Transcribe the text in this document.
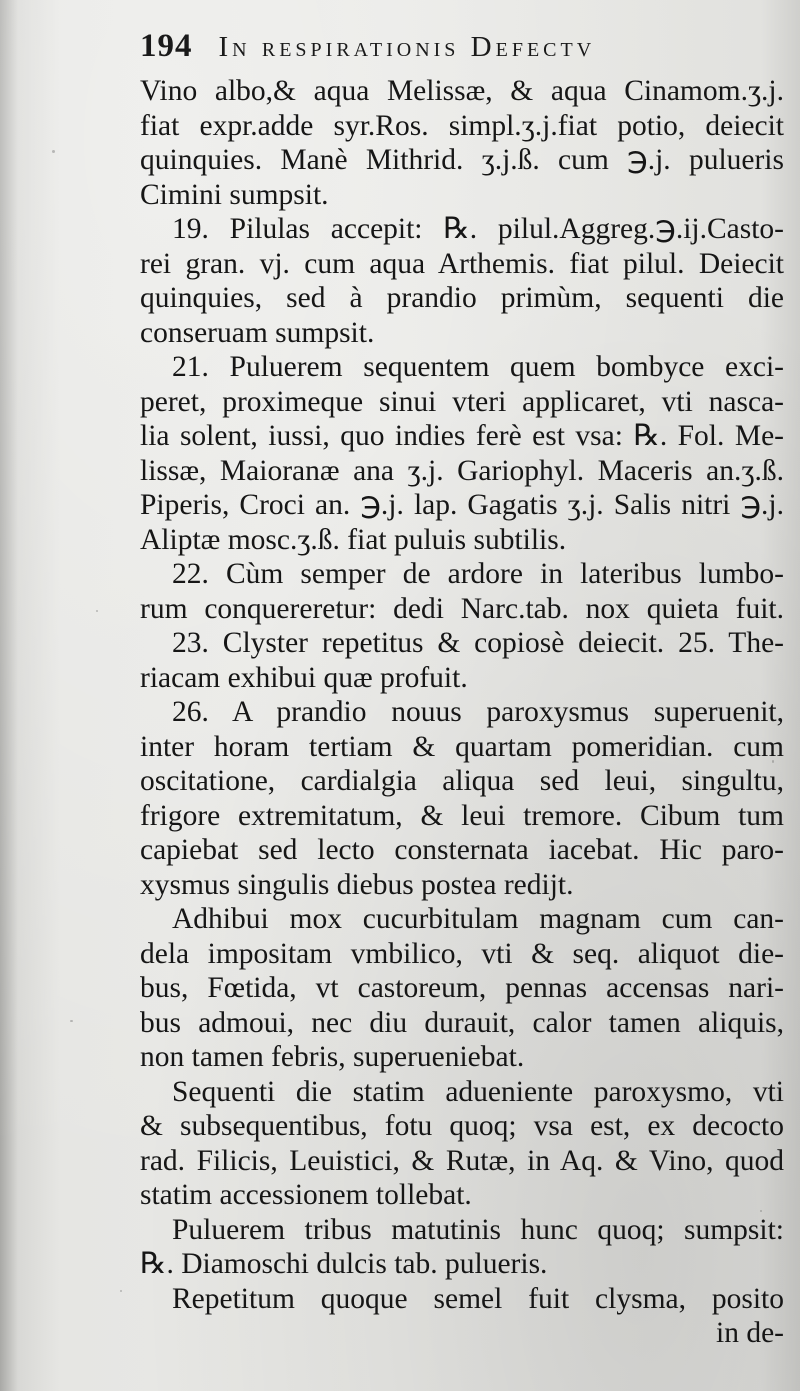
194 In respirationis Defectv
Vino albo,& aqua Melissæ, & aqua Cinamom.ʒ.j.
fiat expr.adde syr.Ros. simpl.ʒ.j.fiat potio, deiecit
quinquies. Manè Mithrid. ʒ.j.ß. cum ℈.j. pulueris
Cimini sumpsit.
19. Pilulas accepit: ℞. pilul.Aggreg.℈.ij.Casto-
rei gran. vj. cum aqua Arthemis. fiat pilul. Deiecit
quinquies, sed à prandio primùm, sequenti die
conseruam sumpsit.
21. Puluerem sequentem quem bombyce exci-
peret, proximeque sinui vteri applicaret, vti nasca-
lia solent, iussi, quo indies ferè est vsa: ℞. Fol. Me-
lissæ, Maioranæ ana ʒ.j. Gariophyl. Maceris an.ʒ.ß.
Piperis, Croci an. ℈.j. lap. Gagatis ʒ.j. Salis nitri ℈.j.
Aliptæ mosc.ʒ.ß. fiat puluis subtilis.
22. Cùm semper de ardore in lateribus lumbo-
rum conquereretur: dedi Narc.tab. nox quieta fuit.
23. Clyster repetitus & copiosè deiecit. 25. The-
riacam exhibui quæ profuit.
26. A prandio nouus paroxysmus superuenit,
inter horam tertiam & quartam pomeridian. cum
oscitatione, cardialgia aliqua sed leui, singultu,
frigore extremitatum, & leui tremore. Cibum tum
capiebat sed lecto consternata iacebat. Hic paro-
xysmus singulis diebus postea redijt.
Adhibui mox cucurbitulam magnam cum can-
dela impositam vmbilico, vti & seq. aliquot die-
bus, Fœtida, vt castoreum, pennas accensas nari-
bus admoui, nec diu durauit, calor tamen aliquis,
non tamen febris, superueniebat.
Sequenti die statim adueniente paroxysmo, vti
& subsequentibus, fotu quoq; vsa est, ex decocto
rad. Filicis, Leuistici, & Rutæ, in Aq. & Vino, quod
statim accessionem tollebat.
Puluerem tribus matutinis hunc quoq; sumpsit:
℞. Diamoschi dulcis tab. pulueris.
Repetitum quoque semel fuit clysma, posito
in de-
